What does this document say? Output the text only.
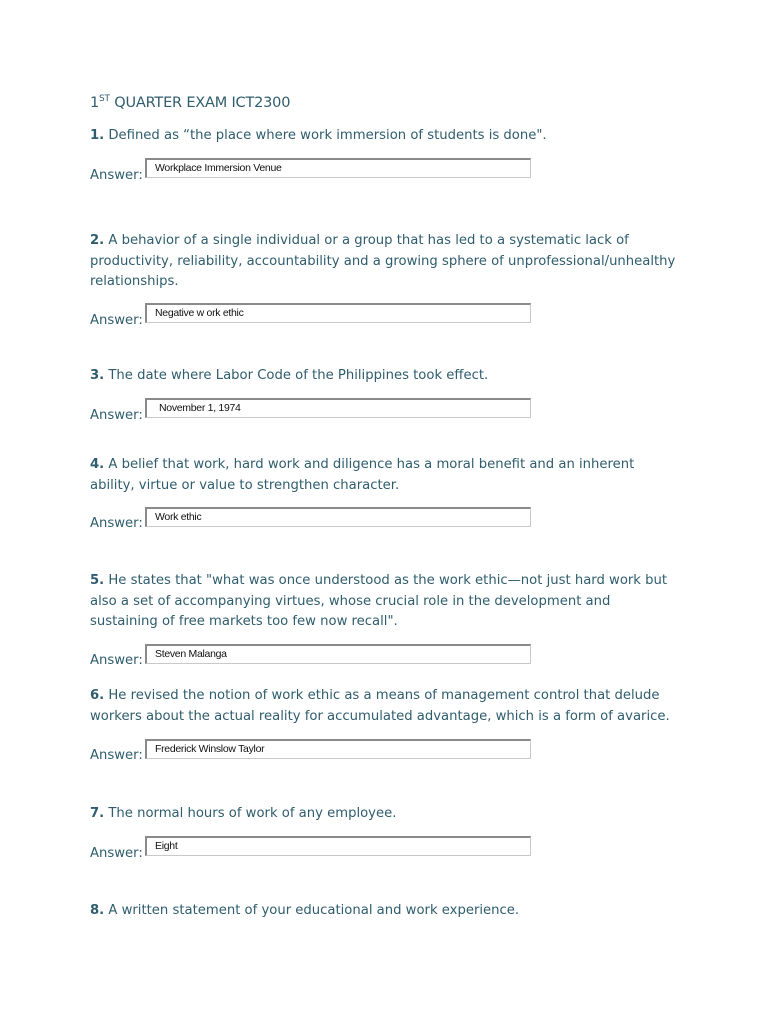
1ST QUARTER EXAM ICT2300
1. Defined as “the place where work immersion of students is done".
Answer:	Workplace Immersion Venue
2. A behavior of a single individual or a group that has led to a systematic lack of productivity, reliability, accountability and a growing sphere of unprofessional/unhealthy relationships.
Answer:	Negative w ork ethic
3. The date where Labor Code of the Philippines took effect.
Answer:	November 1, 1974
4. A belief that work, hard work and diligence has a moral benefit and an inherent ability, virtue or value to strengthen character.
Answer:	Work ethic
5. He states that "what was once understood as the work ethic—not just hard work but also a set of accompanying virtues, whose crucial role in the development and sustaining of free markets too few now recall".
Answer:	Steven Malanga
6. He revised the notion of work ethic as a means of management control that delude workers about the actual reality for accumulated advantage, which is a form of avarice.
Answer:	Frederick Winslow Taylor
7. The normal hours of work of any employee.
Answer:	Eight
8. A written statement of your educational and work experience.
